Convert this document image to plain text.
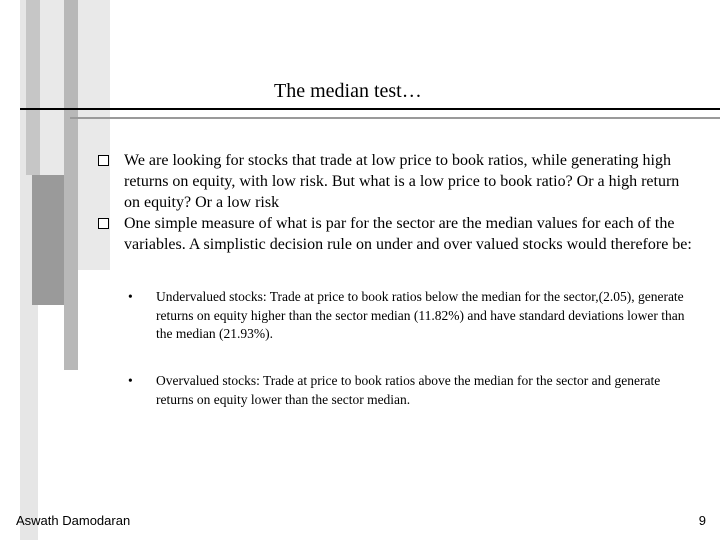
The median test…
We are looking for stocks that trade at low price to book ratios, while generating high returns on equity, with low risk. But what is a low price to book ratio? Or a high return on equity? Or a low risk
One simple measure of what is par for the sector are the median values for each of the variables. A simplistic decision rule on under and over valued stocks would therefore be:
•	Undervalued stocks: Trade at price to book ratios below the median for the sector,(2.05), generate returns on equity higher than the sector median (11.82%) and have standard deviations lower than the median (21.93%).
•	Overvalued stocks: Trade at price to book ratios above the median for the sector and generate returns on equity lower than the sector median.
Aswath Damodaran	9
